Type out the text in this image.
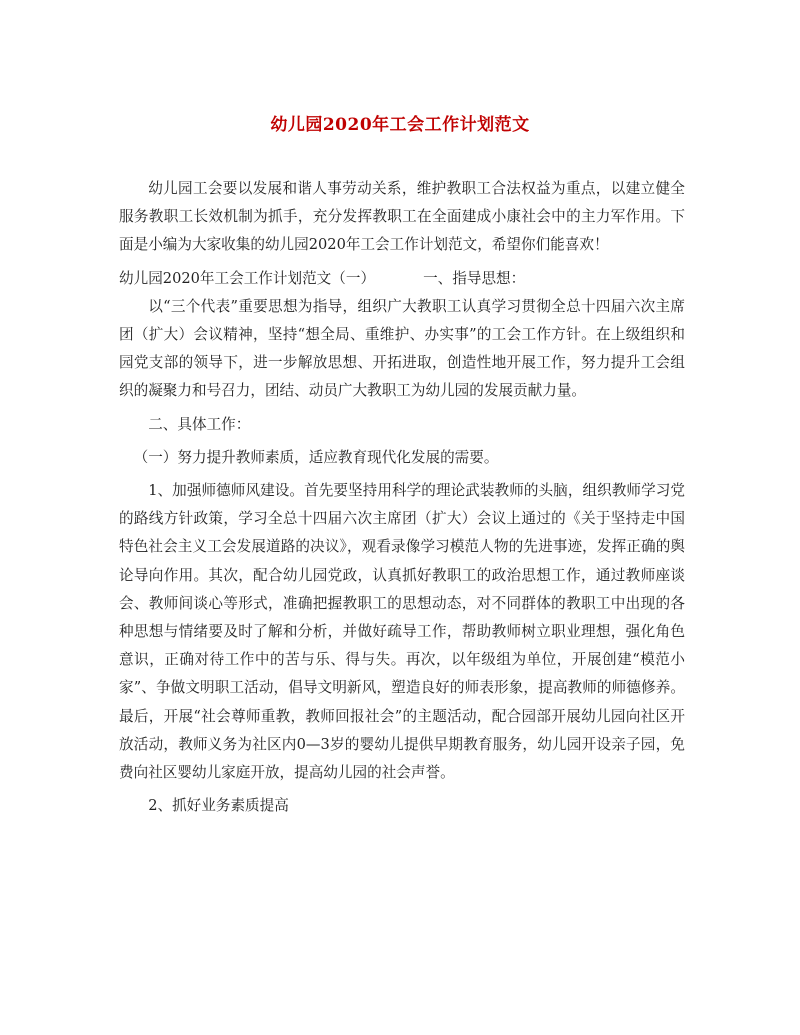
幼儿园2020年工会工作计划范文

幼儿园工会要以发展和谐人事劳动关系，维护教职工合法权益为重点，以建立健全服务教职工长效机制为抓手，充分发挥教职工在全面建成小康社会中的主力军作用。下面是小编为大家收集的幼儿园2020年工会工作计划范文，希望你们能喜欢！

幼儿园2020年工会工作计划范文（一）	一、指导思想：

以“三个代表”重要思想为指导，组织广大教职工认真学习贯彻全总十四届六次主席团（扩大）会议精神，坚持“想全局、重维护、办实事”的工会工作方针。在上级组织和园党支部的领导下，进一步解放思想、开拓进取，创造性地开展工作，努力提升工会组织的凝聚力和号召力，团结、动员广大教职工为幼儿园的发展贡献力量。

二、具体工作：

（一）努力提升教师素质，适应教育现代化发展的需要。

1、加强师德师风建设。首先要坚持用科学的理论武装教师的头脑，组织教师学习党的路线方针政策，学习全总十四届六次主席团（扩大）会议上通过的《关于坚持走中国特色社会主义工会发展道路的决议》，观看录像学习模范人物的先进事迹，发挥正确的舆论导向作用。其次，配合幼儿园党政，认真抓好教职工的政治思想工作，通过教师座谈会、教师间谈心等形式，准确把握教职工的思想动态，对不同群体的教职工中出现的各种思想与情绪要及时了解和分析，并做好疏导工作，帮助教师树立职业理想，强化角色意识，正确对待工作中的苦与乐、得与失。再次，以年级组为单位，开展创建“模范小家”、争做文明职工活动，倡导文明新风，塑造良好的师表形象，提高教师的师德修养。最后，开展“社会尊师重教，教师回报社会”的主题活动，配合园部开展幼儿园向社区开放活动，教师义务为社区内0—3岁的婴幼儿提供早期教育服务，幼儿园开设亲子园，免费向社区婴幼儿家庭开放，提高幼儿园的社会声誉。

2、抓好业务素质提高
